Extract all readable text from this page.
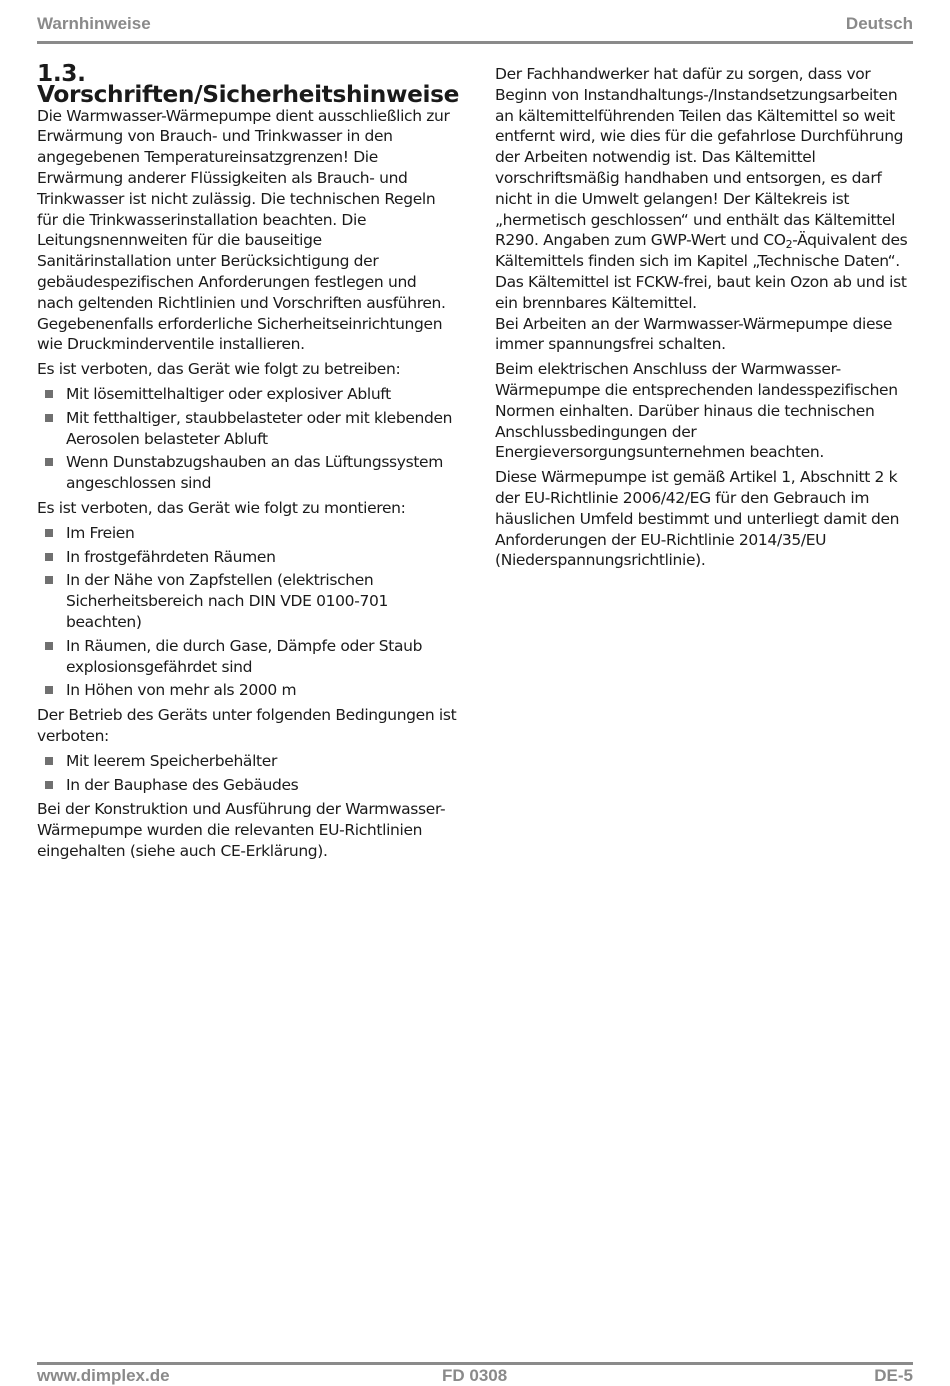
Warnhinweise	Deutsch
1.3.Vorschriften/Sicherheitshinweise

Die Warmwasser-Wärmepumpe dient ausschließlich zur Erwärmung von Brauch- und Trinkwasser in den angegebenen Temperatureinsatzgrenzen! Die Erwärmung anderer Flüssigkeiten als Brauch- und Trinkwasser ist nicht zulässig. Die technischen Regeln für die Trinkwasserinstallation beachten. Die Leitungsnennweiten für die bauseitige Sanitärinstallation unter Berücksichtigung der gebäudespezifischen Anforderungen festlegen und nach geltenden Richtlinien und Vorschriften ausführen. Gegebenenfalls erforderliche Sicherheitseinrichtungen wie Druckminderventile installieren.

Es ist verboten, das Gerät wie folgt zu betreiben:

Mit lösemittelhaltiger oder explosiver Abluft
Mit fetthaltiger, staubbelasteter oder mit klebenden Aerosolen belasteter Abluft
Wenn Dunstabzugshauben an das Lüftungssystem angeschlossen sind

Es ist verboten, das Gerät wie folgt zu montieren:

Im Freien
In frostgefährdeten Räumen
In der Nähe von Zapfstellen (elektrischen Sicherheitsbereich nach DIN VDE 0100-701 beachten)
In Räumen, die durch Gase, Dämpfe oder Staub explosionsgefährdet sind
In Höhen von mehr als 2000 m

Der Betrieb des Geräts unter folgenden Bedingungen ist verboten:

Mit leerem Speicherbehälter
In der Bauphase des Gebäudes

Bei der Konstruktion und Ausführung der Warmwasser-Wärmepumpe wurden die relevanten EU-Richtlinien eingehalten (siehe auch CE-Erklärung).

Der Fachhandwerker hat dafür zu sorgen, dass vor Beginn von Instandhaltungs-/Instandsetzungsarbeiten an kältemittelführenden Teilen das Kältemittel so weit entfernt wird, wie dies für die gefahrlose Durchführung der Arbeiten notwendig ist. Das Kältemittel vorschriftsmäßig handhaben und entsorgen, es darf nicht in die Umwelt gelangen! Der Kältekreis ist „hermetisch geschlossen“ und enthält das Kältemittel R290. Angaben zum GWP-Wert und $CO_2$-Äquivalent des Kältemittels finden sich im Kapitel „Technische Daten“. Das Kältemittel ist FCKW-frei, baut kein Ozon ab und ist ein brennbares Kältemittel.

Bei Arbeiten an der Warmwasser-Wärmepumpe diese immer spannungsfrei schalten.

Beim elektrischen Anschluss der Warmwasser-Wärmepumpe die entsprechenden landesspezifischen Normen einhalten. Darüber hinaus die technischen Anschlussbedingungen der Energieversorgungsunternehmen beachten.

Diese Wärmepumpe ist gemäß Artikel 1, Abschnitt 2 k der EU-Richtlinie 2006/42/EG für den Gebrauch im häuslichen Umfeld bestimmt und unterliegt damit den Anforderungen der EU-Richtlinie 2014/35/EU (Niederspannungsrichtlinie).

www.dimplex.de	FD 0308	DE-5
